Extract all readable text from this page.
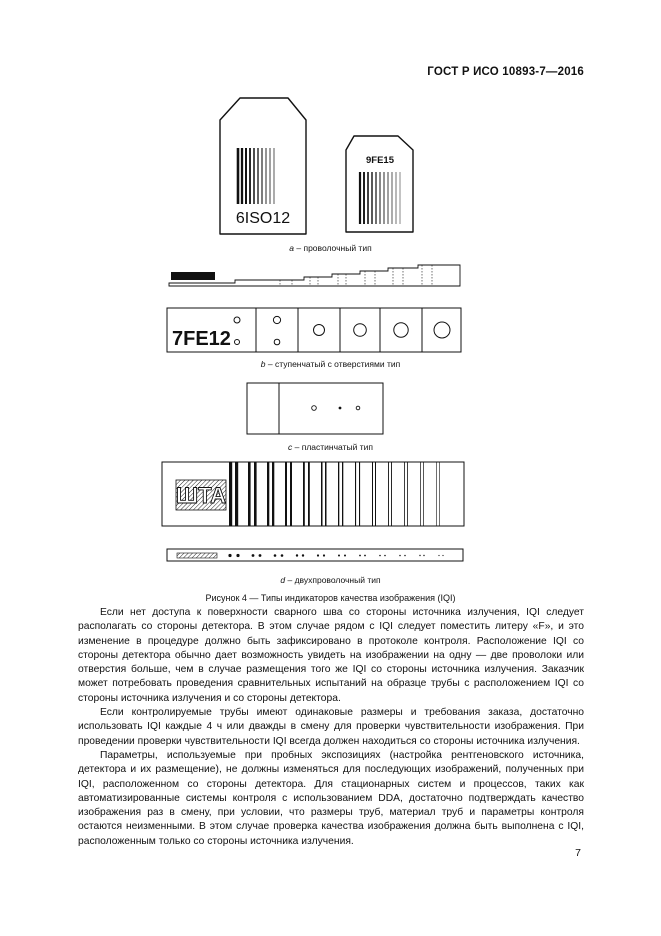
ГОСТ Р ИСО 10893-7—2016
6ISO12
9FE15
a – проволочный тип
7FE12
b – ступенчатый с отверстиями тип
c – пластинчатый тип
ШТА
d – двухпроволочный тип
Рисунок 4 — Типы индикаторов качества изображения (IQI)

Если нет доступа к поверхности сварного шва со стороны источника излучения, IQI следует располагать со стороны детектора. В этом случае рядом с IQI следует поместить литеру «F», и это изменение в процедуре должно быть зафиксировано в протоколе контроля. Расположение IQI со стороны детектора обычно дает возможность увидеть на изображении на одну — две проволоки или отверстия больше, чем в случае размещения того же IQI со стороны источника излучения. Заказчик может потребовать проведения сравнительных испытаний на образце трубы с расположением IQI со стороны источника излучения и со стороны детектора.

Если контролируемые трубы имеют одинаковые размеры и требования заказа, достаточно использовать IQI каждые 4 ч или дважды в смену для проверки чувствительности изображения. При проведении проверки чувствительности IQI всегда должен находиться со стороны источника излучения.

Параметры, используемые при пробных экспозициях (настройка рентгеновского источника, детектора и их размещение), не должны изменяться для последующих изображений, полученных при IQI, расположенном со стороны детектора. Для стационарных систем и процессов, таких как автоматизированные системы контроля с использованием DDA, достаточно подтверждать качество изображения раз в смену, при условии, что размеры труб, материал труб и параметры контроля остаются неизменными. В этом случае проверка качества изображения должна быть выполнена с IQI, расположенным только со стороны источника излучения.

7
